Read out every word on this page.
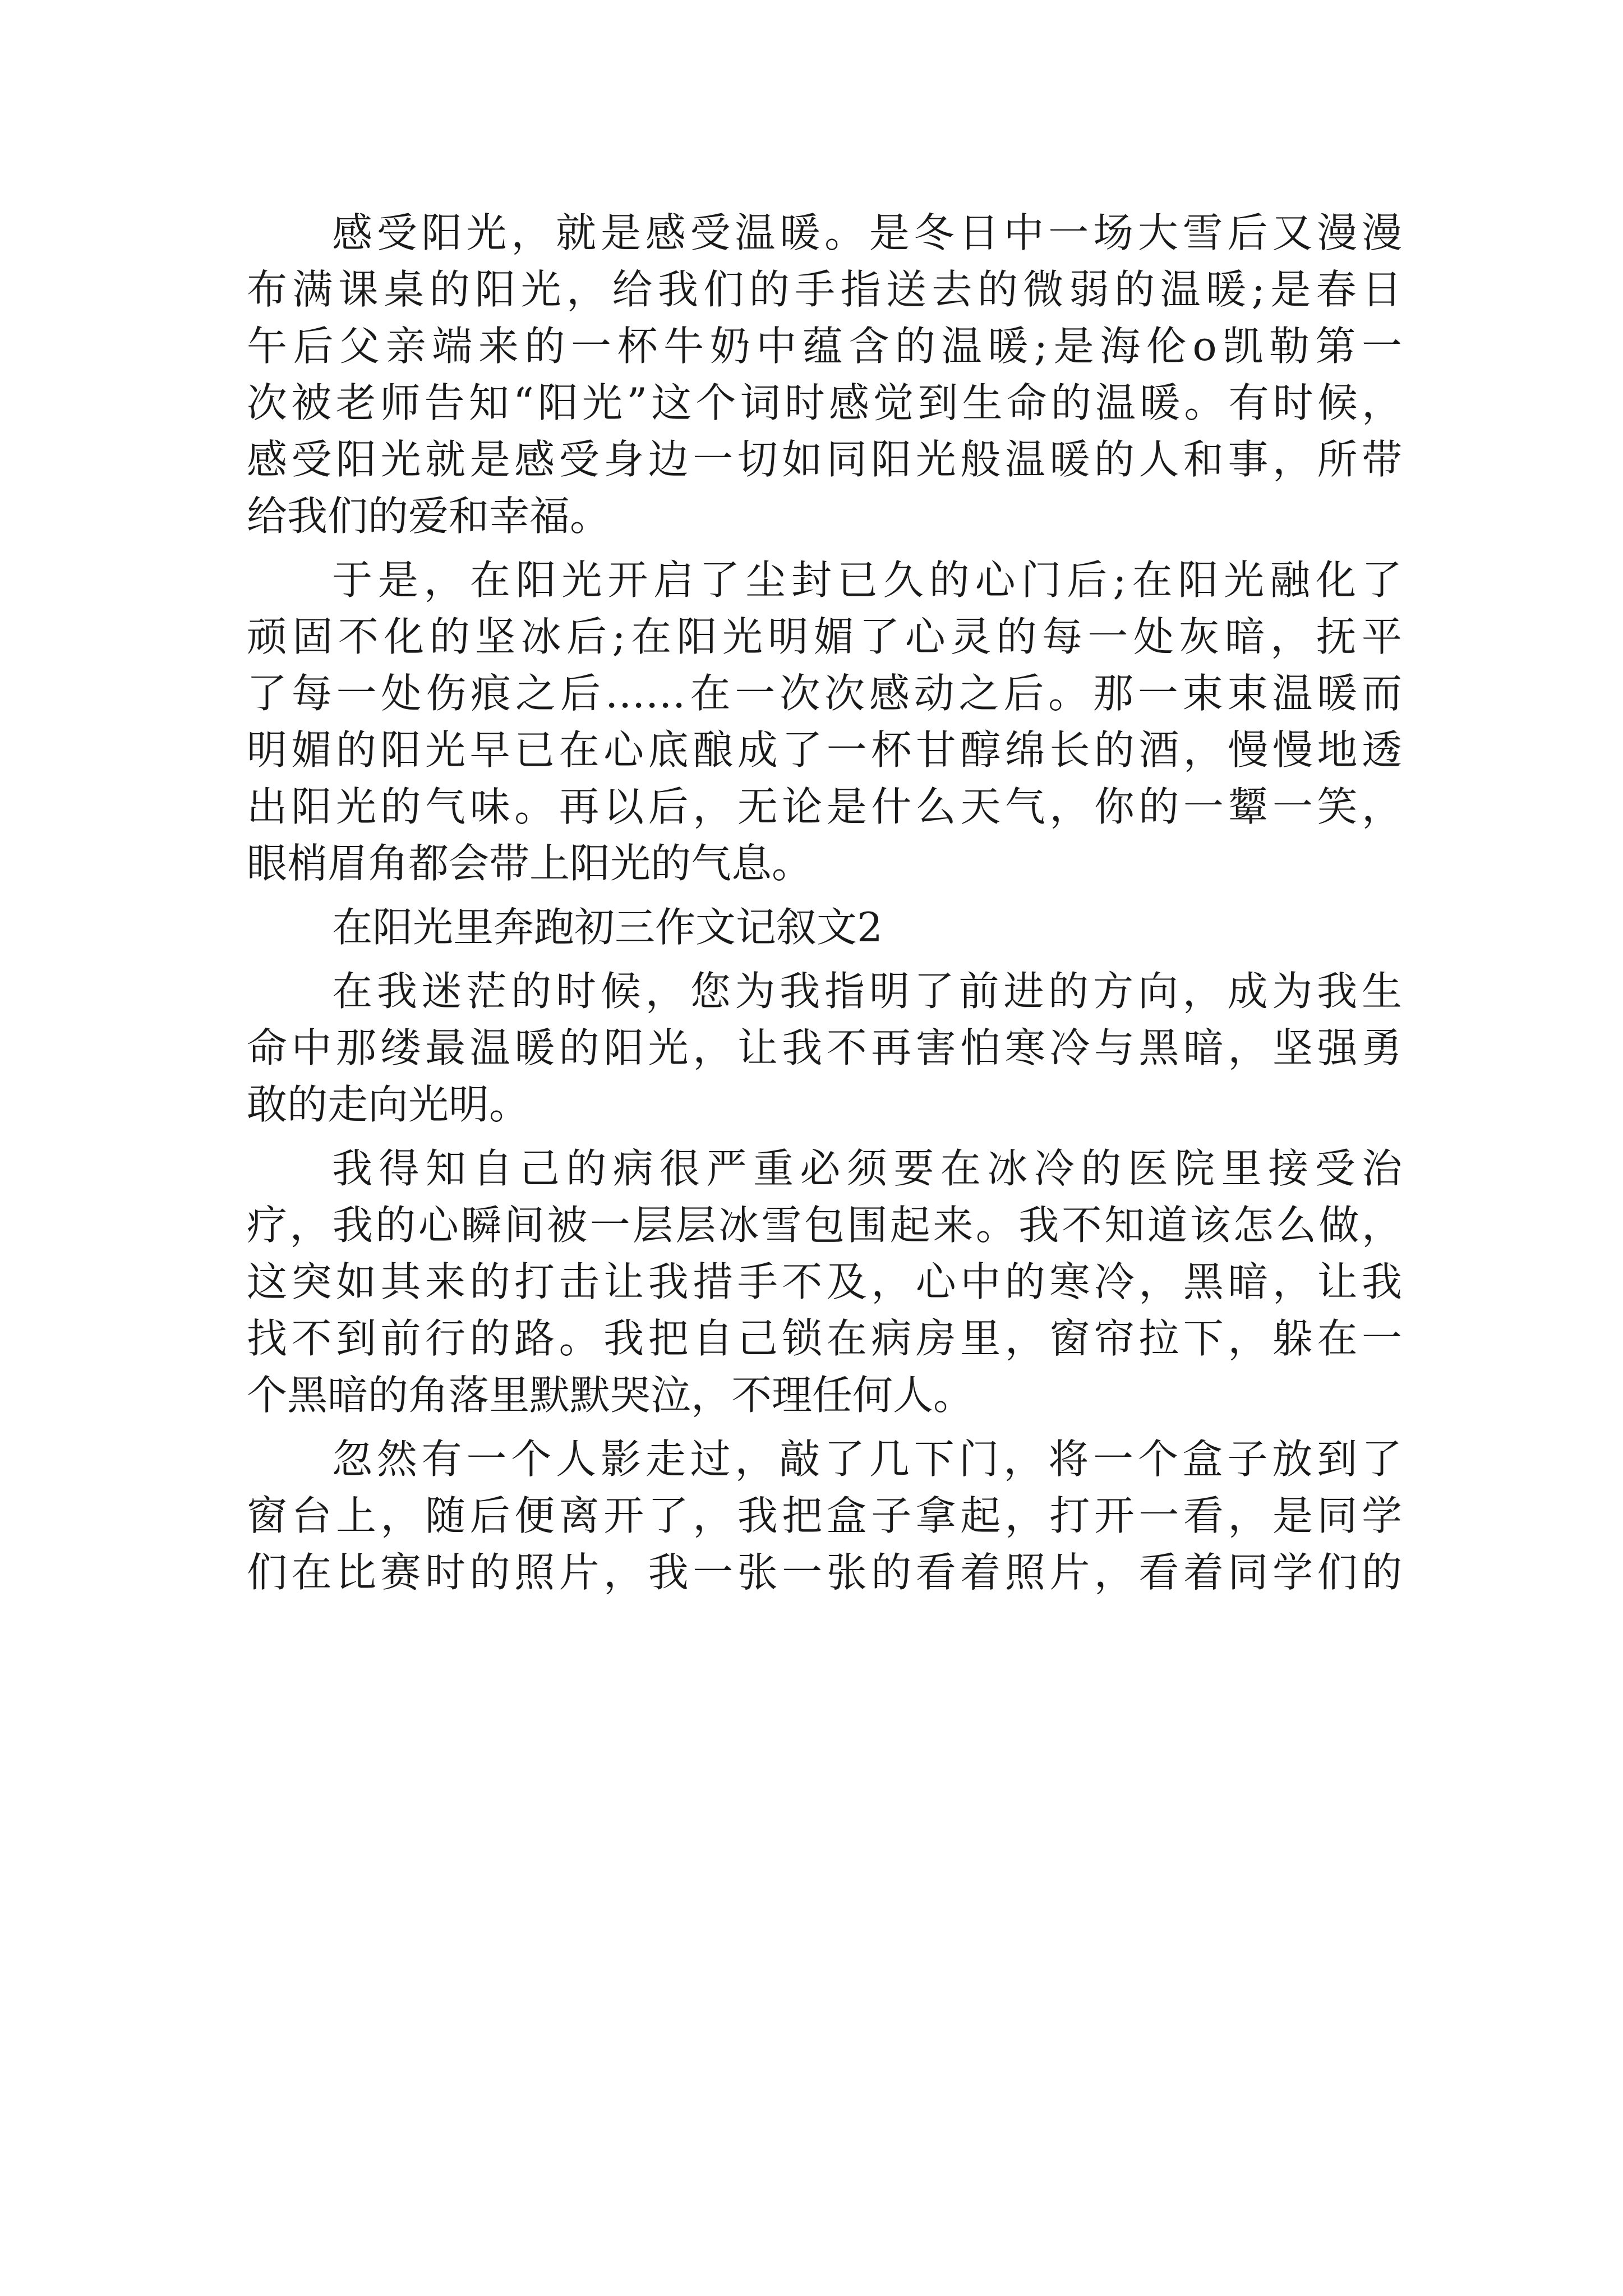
感受阳光，就是感受温暖。是冬日中一场大雪后又漫漫
布满课桌的阳光，给我们的手指送去的微弱的温暖;是春日
午后父亲端来的一杯牛奶中蕴含的温暖;是海伦o凯勒第一
次被老师告知“阳光”这个词时感觉到生命的温暖。有时候，
感受阳光就是感受身边一切如同阳光般温暖的人和事，所带
给我们的爱和幸福。
于是，在阳光开启了尘封已久的心门后;在阳光融化了
顽固不化的坚冰后;在阳光明媚了心灵的每一处灰暗，抚平
了每一处伤痕之后……在一次次感动之后。那一束束温暖而
明媚的阳光早已在心底酿成了一杯甘醇绵长的酒，慢慢地透
出阳光的气味。再以后，无论是什么天气，你的一颦一笑，
眼梢眉角都会带上阳光的气息。
在阳光里奔跑初三作文记叙文2
在我迷茫的时候，您为我指明了前进的方向，成为我生
命中那缕最温暖的阳光，让我不再害怕寒冷与黑暗，坚强勇
敢的走向光明。
我得知自己的病很严重必须要在冰冷的医院里接受治
疗，我的心瞬间被一层层冰雪包围起来。我不知道该怎么做，
这突如其来的打击让我措手不及，心中的寒冷，黑暗，让我
找不到前行的路。我把自己锁在病房里，窗帘拉下，躲在一
个黑暗的角落里默默哭泣，不理任何人。
忽然有一个人影走过，敲了几下门，将一个盒子放到了
窗台上，随后便离开了，我把盒子拿起，打开一看，是同学
们在比赛时的照片，我一张一张的看着照片，看着同学们的
